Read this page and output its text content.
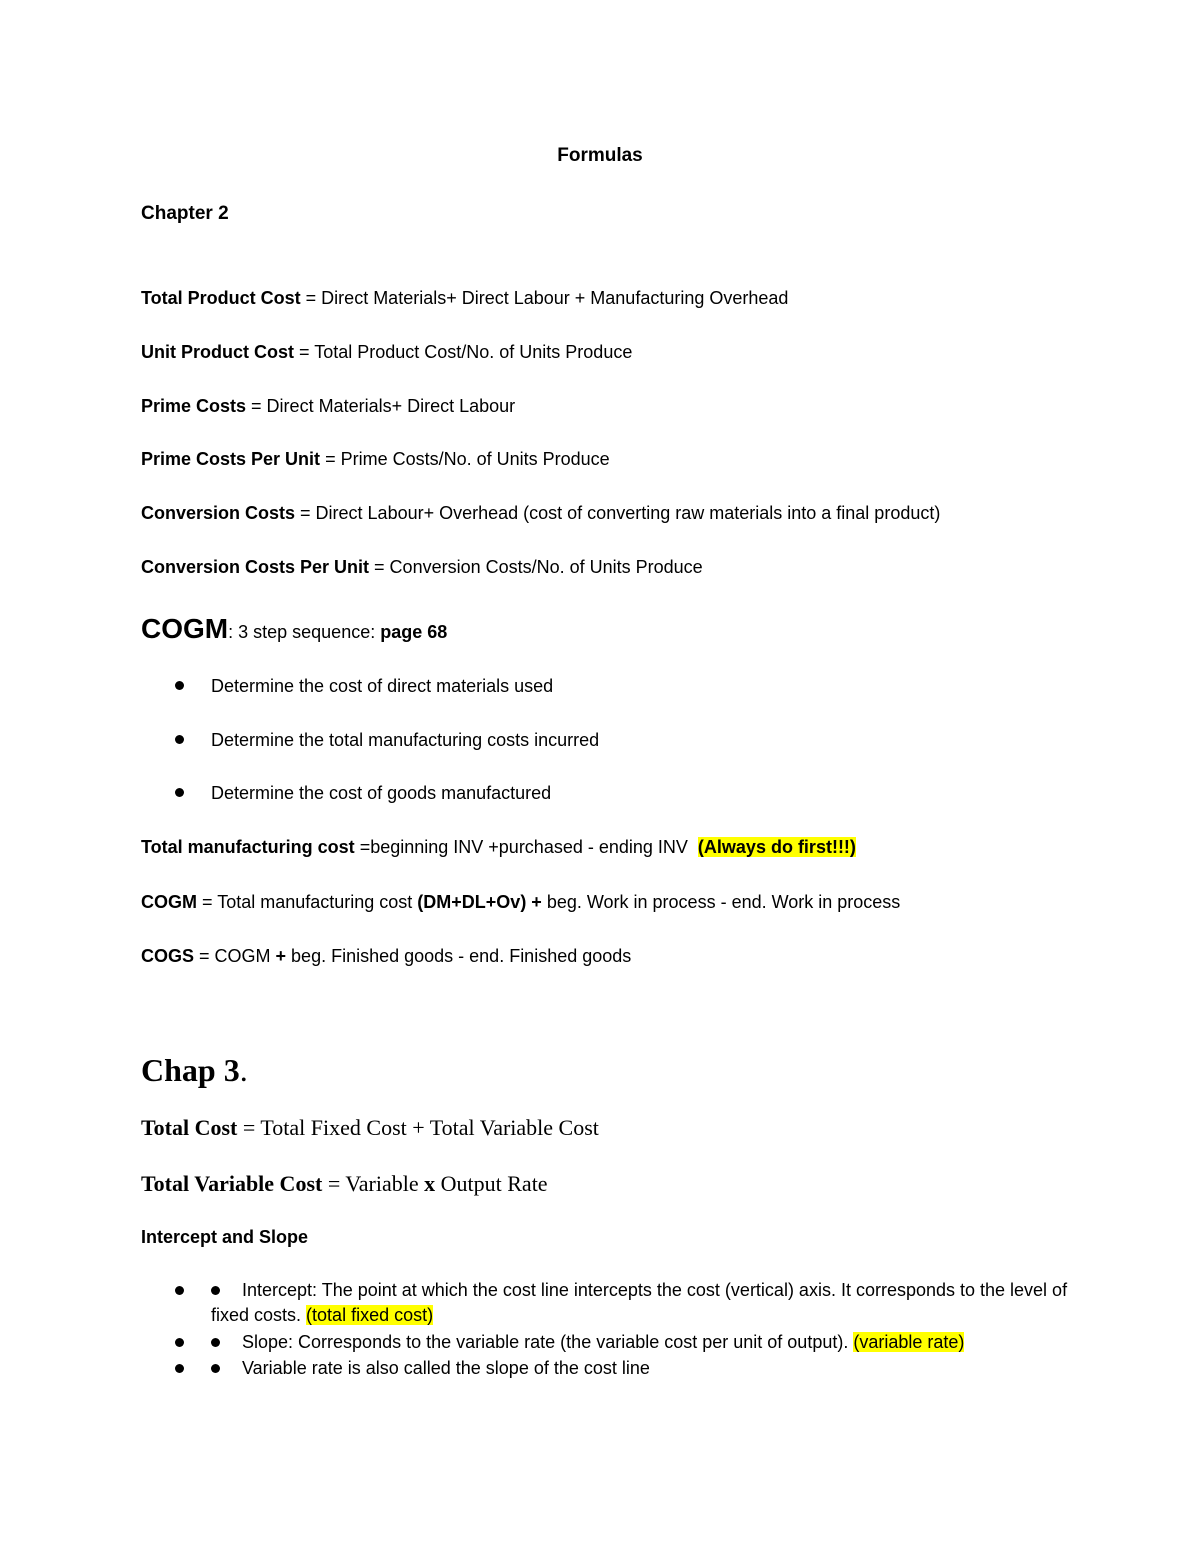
Formulas
Chapter 2
Total Product Cost = Direct Materials+ Direct Labour + Manufacturing Overhead
Unit Product Cost = Total Product Cost/No. of Units Produce
Prime Costs = Direct Materials+ Direct Labour
Prime Costs Per Unit = Prime Costs/No. of Units Produce
Conversion Costs = Direct Labour+ Overhead (cost of converting raw materials into a final product)
Conversion Costs Per Unit = Conversion Costs/No. of Units Produce
COGM: 3 step sequence: page 68
Determine the cost of direct materials used
Determine the total manufacturing costs incurred
Determine the cost of goods manufactured
Total manufacturing cost =beginning INV +purchased - ending INV  (Always do first!!!)
COGM = Total manufacturing cost (DM+DL+Ov) + beg. Work in process - end. Work in process
COGS = COGM + beg. Finished goods - end. Finished goods
Chap 3.
Total Cost = Total Fixed Cost + Total Variable Cost
Total Variable Cost = Variable x Output Rate
Intercept and Slope
Intercept: The point at which the cost line intercepts the cost (vertical) axis. It corresponds to the level of fixed costs. (total fixed cost)
Slope: Corresponds to the variable rate (the variable cost per unit of output). (variable rate)
Variable rate is also called the slope of the cost line
